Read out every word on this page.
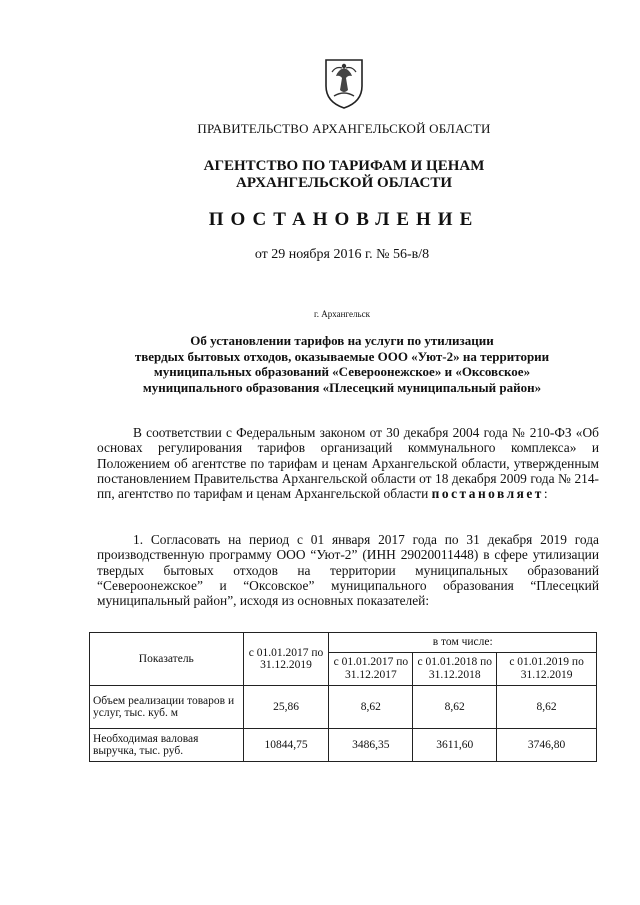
ПРАВИТЕЛЬСТВО АРХАНГЕЛЬСКОЙ ОБЛАСТИ
АГЕНТСТВО ПО ТАРИФАМ И ЦЕНАМ
АРХАНГЕЛЬСКОЙ ОБЛАСТИ
ПОСТАНОВЛЕНИЕ
от 29 ноября 2016 г. № 56-в/8
г. Архангельск
Об установлении тарифов на услуги по утилизации
твердых бытовых отходов, оказываемые ООО «Уют-2» на территории
муниципальных образований «Североонежское» и «Оксовское»
муниципального образования «Плесецкий муниципальный район»
В соответствии с Федеральным законом от 30 декабря 2004 года № 210-ФЗ «Об основах регулирования тарифов организаций коммунального комплекса» и Положением об агентстве по тарифам и ценам Архангельской области, утвержденным постановлением Правительства Архангельской области от 18 декабря 2009 года № 214-пп, агентство по тарифам и ценам Архангельской области постановляет:
1. Согласовать на период с 01 января 2017 года по 31 декабря 2019 года производственную программу ООО “Уют-2” (ИНН 29020011448) в сфере утилизации твердых бытовых отходов на территории муниципальных образований “Североонежское” и “Оксовское” муниципального образования “Плесецкий муниципальный район”, исходя из основных показателей:
Показатель	с 01.01.2017 по 31.12.2019	в том числе:		
		с 01.01.2017 по 31.12.2017	с 01.01.2018 по 31.12.2018	с 01.01.2019 по 31.12.2019
Объем реализации товаров и услуг, тыс. куб. м	25,86	8,62	8,62	8,62
Необходимая валовая выручка, тыс. руб.	10844,75	3486,35	3611,60	3746,80
